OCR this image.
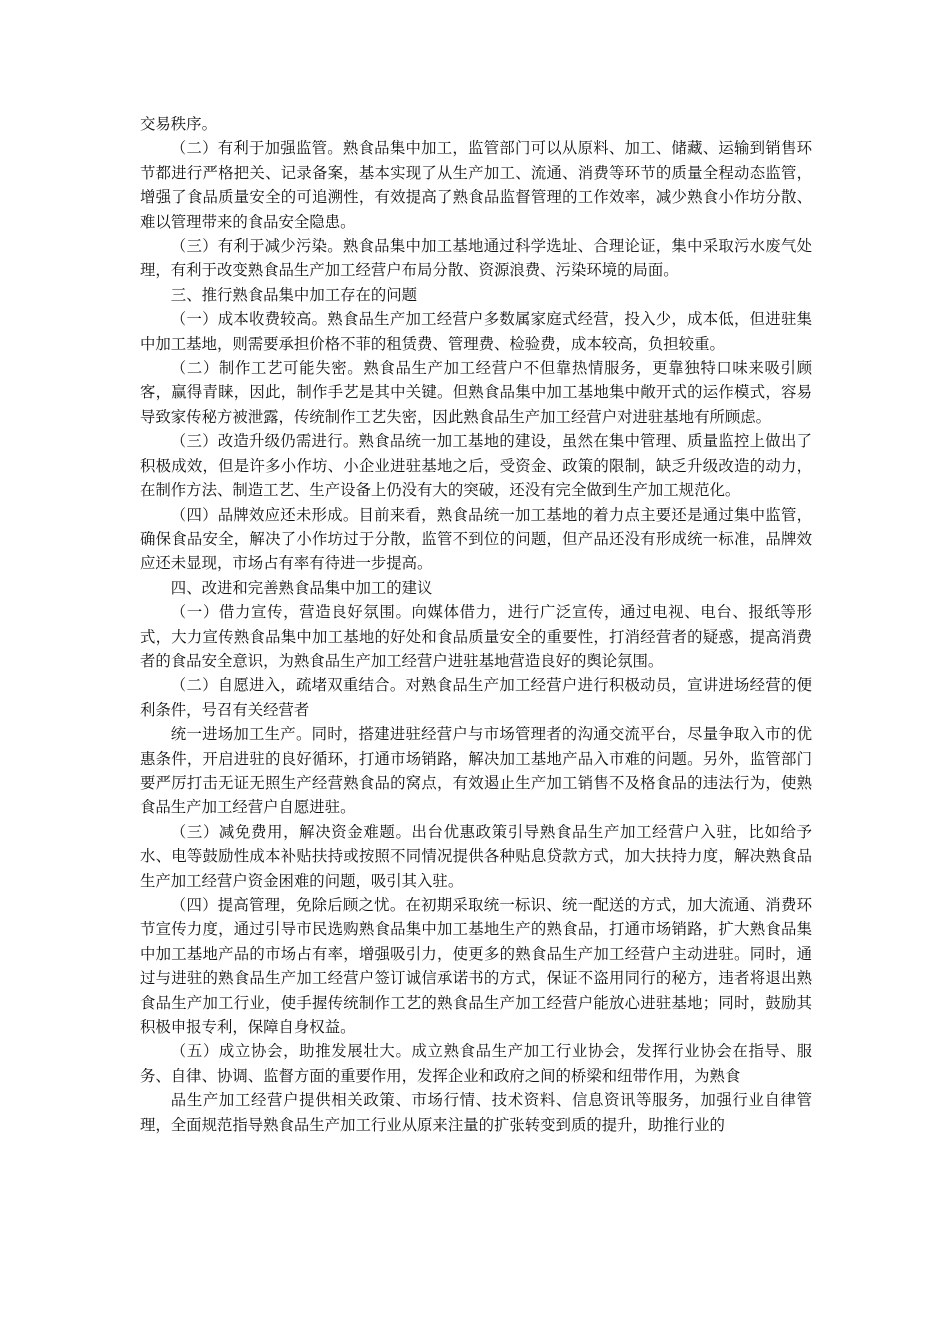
交易秩序。

（二）有利于加强监管。熟食品集中加工，监管部门可以从原料、加工、储藏、运输到销售环节都进行严格把关、记录备案，基本实现了从生产加工、流通、消费等环节的质量全程动态监管，增强了食品质量安全的可追溯性，有效提高了熟食品监督管理的工作效率，减少熟食小作坊分散、难以管理带来的食品安全隐患。

（三）有利于减少污染。熟食品集中加工基地通过科学选址、合理论证，集中采取污水废气处理，有利于改变熟食品生产加工经营户布局分散、资源浪费、污染环境的局面。

三、推行熟食品集中加工存在的问题

（一）成本收费较高。熟食品生产加工经营户多数属家庭式经营，投入少，成本低，但进驻集中加工基地，则需要承担价格不菲的租赁费、管理费、检验费，成本较高，负担较重。

（二）制作工艺可能失密。熟食品生产加工经营户不但靠热情服务，更靠独特口味来吸引顾客，赢得青睐，因此，制作手艺是其中关键。但熟食品集中加工基地集中敞开式的运作模式，容易导致家传秘方被泄露，传统制作工艺失密，因此熟食品生产加工经营户对进驻基地有所顾虑。

（三）改造升级仍需进行。熟食品统一加工基地的建设，虽然在集中管理、质量监控上做出了积极成效，但是许多小作坊、小企业进驻基地之后，受资金、政策的限制，缺乏升级改造的动力，在制作方法、制造工艺、生产设备上仍没有大的突破，还没有完全做到生产加工规范化。

（四）品牌效应还未形成。目前来看，熟食品统一加工基地的着力点主要还是通过集中监管，确保食品安全，解决了小作坊过于分散，监管不到位的问题，但产品还没有形成统一标准，品牌效应还未显现，市场占有率有待进一步提高。

四、改进和完善熟食品集中加工的建议

（一）借力宣传，营造良好氛围。向媒体借力，进行广泛宣传，通过电视、电台、报纸等形式，大力宣传熟食品集中加工基地的好处和食品质量安全的重要性，打消经营者的疑惑，提高消费者的食品安全意识，为熟食品生产加工经营户进驻基地营造良好的舆论氛围。

（二）自愿进入，疏堵双重结合。对熟食品生产加工经营户进行积极动员，宣讲进场经营的便利条件，号召有关经营者

统一进场加工生产。同时，搭建进驻经营户与市场管理者的沟通交流平台，尽量争取入市的优惠条件，开启进驻的良好循环，打通市场销路，解决加工基地产品入市难的问题。另外，监管部门要严厉打击无证无照生产经营熟食品的窝点，有效遏止生产加工销售不及格食品的违法行为，使熟食品生产加工经营户自愿进驻。

（三）减免费用，解决资金难题。出台优惠政策引导熟食品生产加工经营户入驻，比如给予水、电等鼓励性成本补贴扶持或按照不同情况提供各种贴息贷款方式，加大扶持力度，解决熟食品生产加工经营户资金困难的问题，吸引其入驻。

（四）提高管理，免除后顾之忧。在初期采取统一标识、统一配送的方式，加大流通、消费环节宣传力度，通过引导市民选购熟食品集中加工基地生产的熟食品，打通市场销路，扩大熟食品集中加工基地产品的市场占有率，增强吸引力，使更多的熟食品生产加工经营户主动进驻。同时，通过与进驻的熟食品生产加工经营户签订诚信承诺书的方式，保证不盗用同行的秘方，违者将退出熟食品生产加工行业，使手握传统制作工艺的熟食品生产加工经营户能放心进驻基地；同时，鼓励其积极申报专利，保障自身权益。

（五）成立协会，助推发展壮大。成立熟食品生产加工行业协会，发挥行业协会在指导、服务、自律、协调、监督方面的重要作用，发挥企业和政府之间的桥梁和纽带作用，为熟食

品生产加工经营户提供相关政策、市场行情、技术资料、信息资讯等服务，加强行业自律管理，全面规范指导熟食品生产加工行业从原来注量的扩张转变到质的提升，助推行业的
